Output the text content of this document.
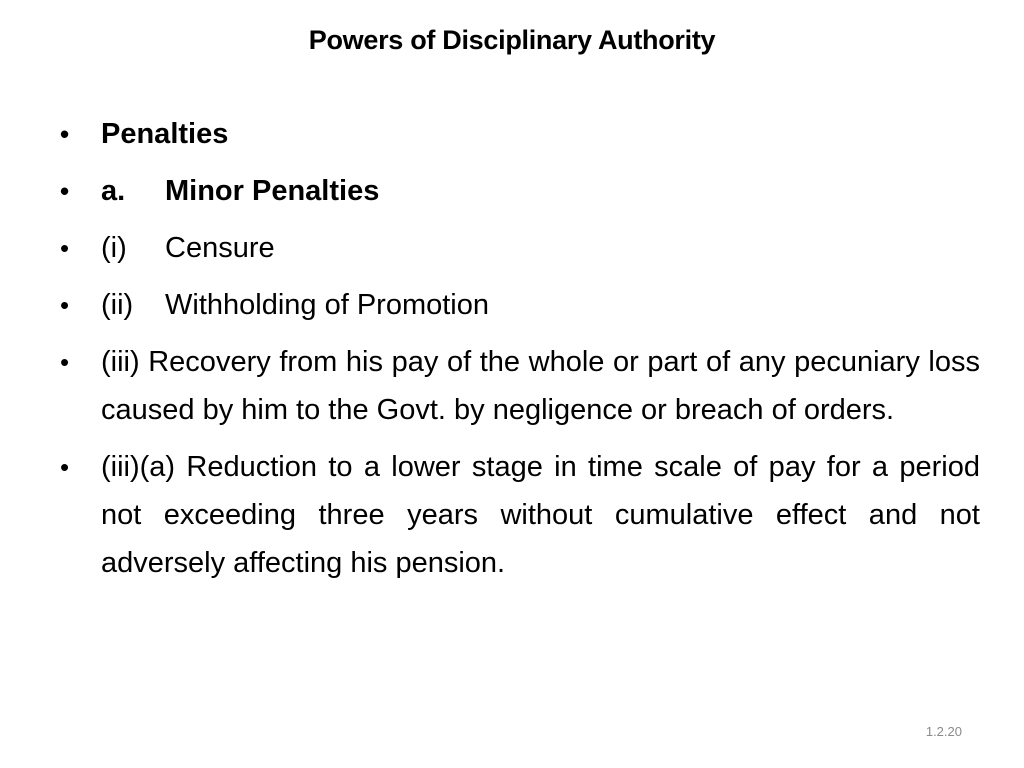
Powers of Disciplinary Authority
•	Penalties
•	a. Minor Penalties
•	(i) Censure
•	(ii) Withholding of Promotion
•	(iii) Recovery from his pay of the whole or part of any pecuniary loss caused by him to the Govt. by negligence or breach of orders.
•	(iii)(a) Reduction to a lower stage in time scale of pay for a period not exceeding three years without cumulative effect and not adversely affecting his pension.
1.2.20
